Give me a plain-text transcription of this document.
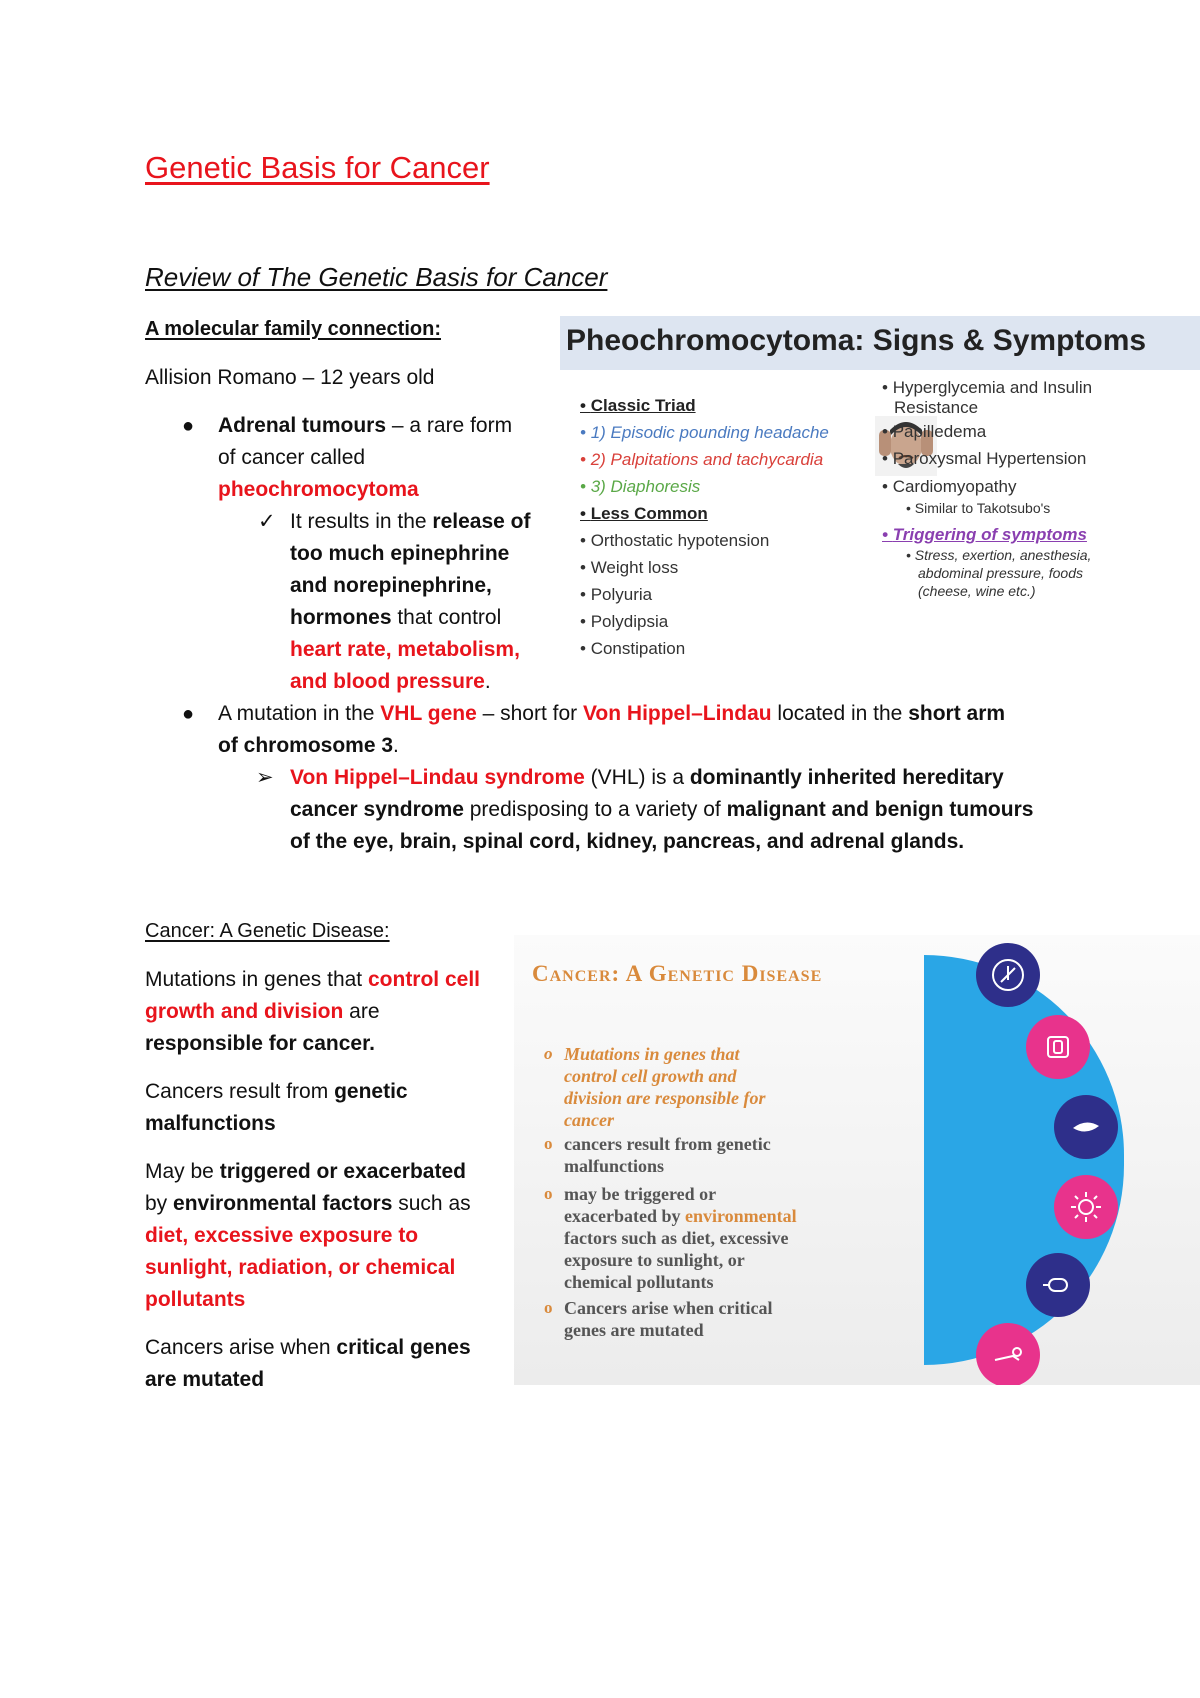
Genetic Basis for Cancer
Review of The Genetic Basis for Cancer
A molecular family connection:
Allision Romano – 12 years old
● Adrenal tumours – a rare form
of cancer called
pheochromocytoma
✓ It results in the release of
too much epinephrine
and norepinephrine,
hormones that control
heart rate, metabolism,
and blood pressure.
● A mutation in the VHL gene – short for Von Hippel–Lindau located in the short arm
of chromosome 3.
➢ Von Hippel–Lindau syndrome (VHL) is a dominantly inherited hereditary
cancer syndrome predisposing to a variety of malignant and benign tumours
of the eye, brain, spinal cord, kidney, pancreas, and adrenal glands.
Pheochromocytoma: Signs & Symptoms
• Classic Triad
• 1) Episodic pounding headache
• 2) Palpitations and tachycardia
• 3) Diaphoresis
• Less Common
• Orthostatic hypotension
• Weight loss
• Polyuria
• Polydipsia
• Constipation
• Hyperglycemia and Insulin
Resistance
• Papilledema
• Paroxysmal Hypertension
• Cardiomyopathy
• Similar to Takotsubo's
• Triggering of symptoms
• Stress, exertion, anesthesia,
abdominal pressure, foods
(cheese, wine etc.)
Cancer: A Genetic Disease:
Mutations in genes that control cell
growth and division are
responsible for cancer.
Cancers result from genetic
malfunctions
May be triggered or exacerbated
by environmental factors such as
diet, excessive exposure to
sunlight, radiation, or chemical
pollutants
Cancers arise when critical genes
are mutated
Cancer: A Genetic Disease
o Mutations in genes that
control cell growth and
division are responsible for
cancer
o cancers result from genetic
malfunctions
o may be triggered or
exacerbated by environmental
factors such as diet, excessive
exposure to sunlight, or
chemical pollutants
o Cancers arise when critical
genes are mutated
